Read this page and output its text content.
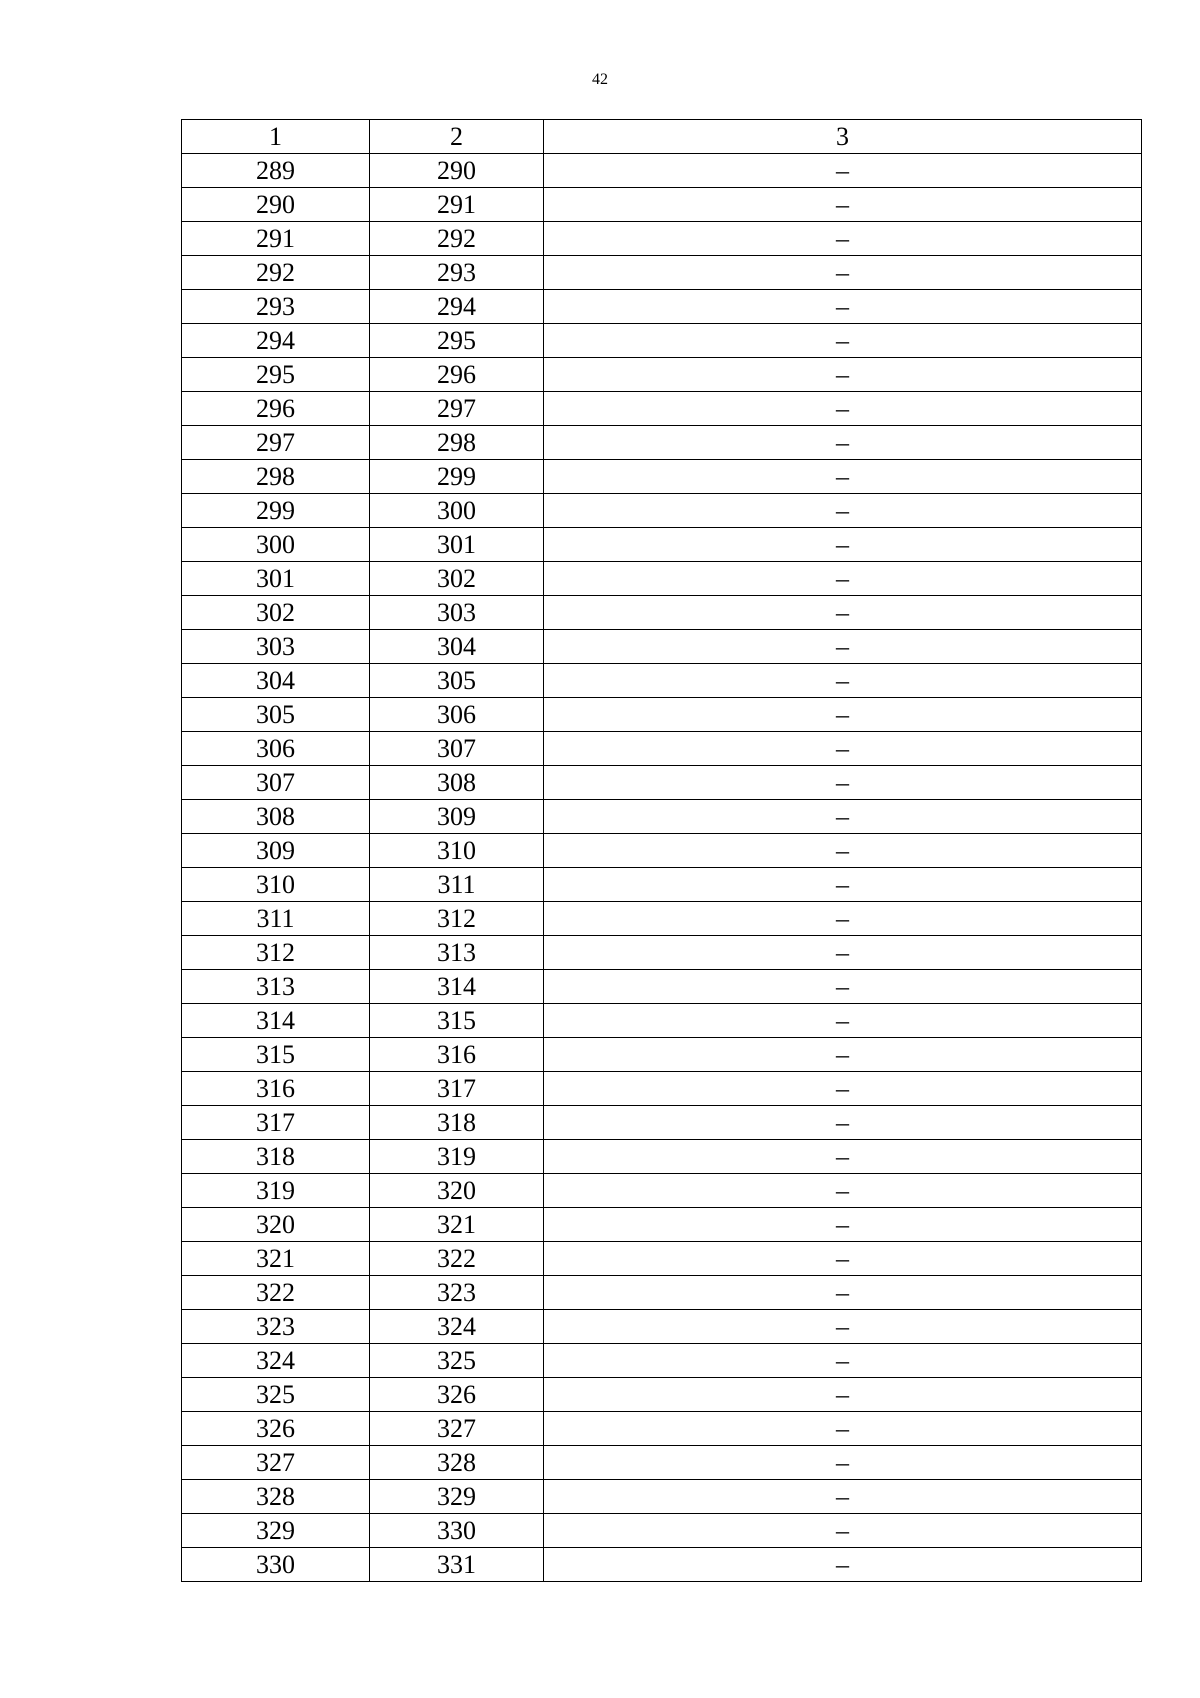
42
1	2	3
289	290	–
290	291	–
291	292	–
292	293	–
293	294	–
294	295	–
295	296	–
296	297	–
297	298	–
298	299	–
299	300	–
300	301	–
301	302	–
302	303	–
303	304	–
304	305	–
305	306	–
306	307	–
307	308	–
308	309	–
309	310	–
310	311	–
311	312	–
312	313	–
313	314	–
314	315	–
315	316	–
316	317	–
317	318	–
318	319	–
319	320	–
320	321	–
321	322	–
322	323	–
323	324	–
324	325	–
325	326	–
326	327	–
327	328	–
328	329	–
329	330	–
330	331	–
